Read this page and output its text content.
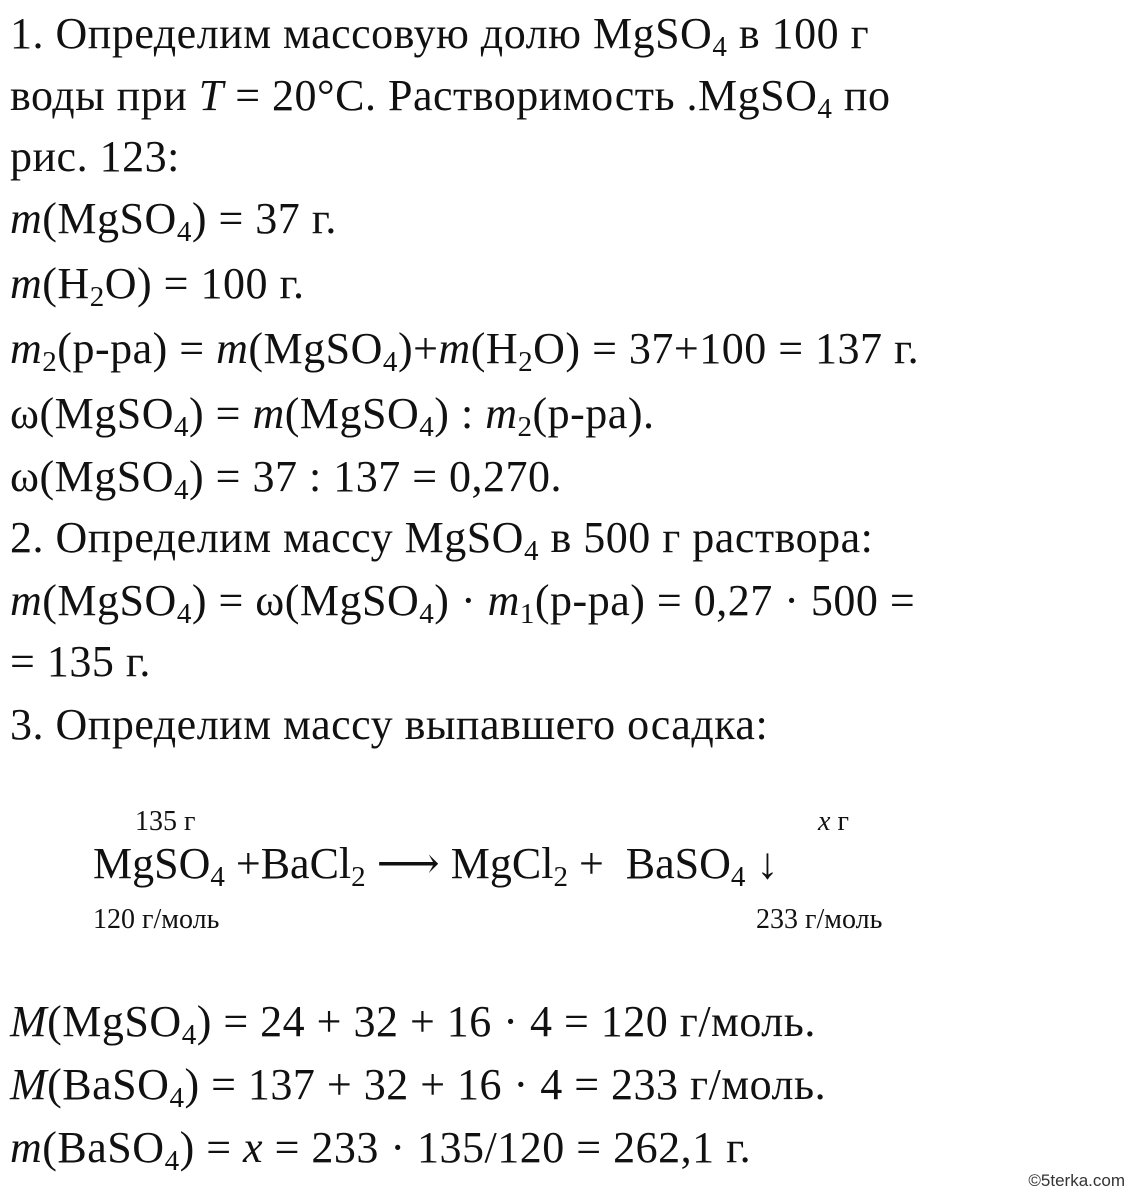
1. Определим массовую долю MgSO4 в 100 г
воды при T = 20°С. Растворимость .MgSO4 по
рис. 123:
m(MgSO4) = 37 г.
m(H2O) = 100 г.
m2(р-ра) = m(MgSO4)+m(H2O) = 37+100 = 137 г.
ω(MgSO4) = m(MgSO4) : m2(р-ра).
ω(MgSO4) = 37 : 137 = 0,270.
2. Определим массу MgSO4 в 500 г раствора:
m(MgSO4) = ω(MgSO4) · m1(р-ра) = 0,27 · 500 =
= 135 г.
3. Определим массу выпавшего осадка:
135 г	x г
MgSO4 +BaCl2 ⟶ MgCl2 +  BaSO4 ↓
120 г/моль	233 г/моль
M(MgSO4) = 24 + 32 + 16 · 4 = 120 г/моль.
M(BaSO4) = 137 + 32 + 16 · 4 = 233 г/моль.
m(BaSO4) = x = 233 · 135/120 = 262,1 г.
©5terka.com
